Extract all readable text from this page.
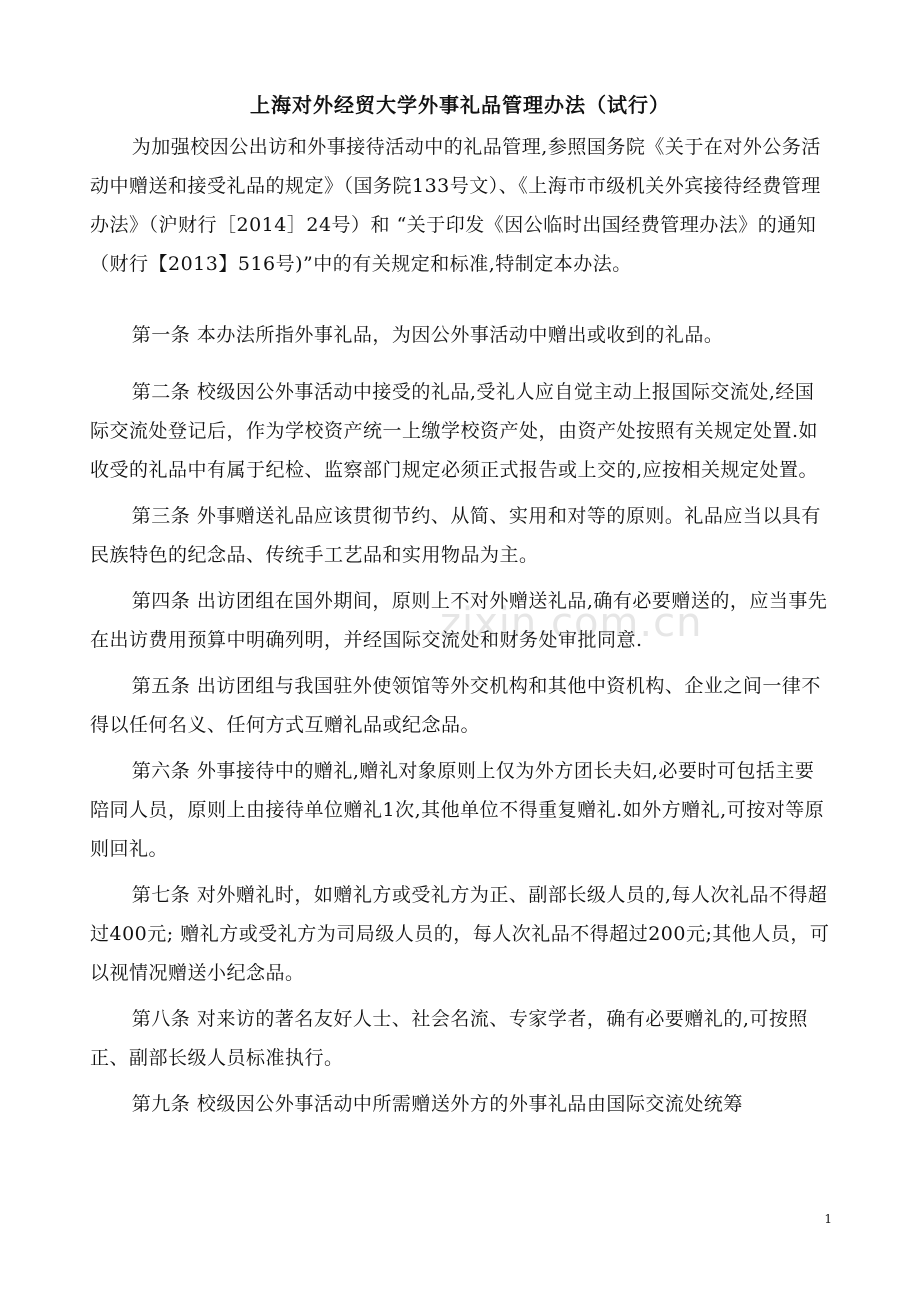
zixin.com.cn
上海对外经贸大学外事礼品管理办法（试行）

为加强校因公出访和外事接待活动中的礼品管理,参照国务院《关于在对外公务活动中赠送和接受礼品的规定》（国务院133号文）、《上海市市级机关外宾接待经费管理办法》（沪财行［2014］24号）和 “关于印发《因公临时出国经费管理办法》的通知（财行【2013】516号)”中的有关规定和标准,特制定本办法。

第一条 本办法所指外事礼品，为因公外事活动中赠出或收到的礼品。

第二条 校级因公外事活动中接受的礼品,受礼人应自觉主动上报国际交流处,经国际交流处登记后，作为学校资产统一上缴学校资产处，由资产处按照有关规定处置.如收受的礼品中有属于纪检、监察部门规定必须正式报告或上交的,应按相关规定处置。

第三条 外事赠送礼品应该贯彻节约、从简、实用和对等的原则。礼品应当以具有民族特色的纪念品、传统手工艺品和实用物品为主。

第四条 出访团组在国外期间，原则上不对外赠送礼品,确有必要赠送的，应当事先在出访费用预算中明确列明，并经国际交流处和财务处审批同意.

第五条 出访团组与我国驻外使领馆等外交机构和其他中资机构、企业之间一律不得以任何名义、任何方式互赠礼品或纪念品。

第六条 外事接待中的赠礼,赠礼对象原则上仅为外方团长夫妇,必要时可包括主要陪同人员，原则上由接待单位赠礼1次,其他单位不得重复赠礼.如外方赠礼,可按对等原则回礼。

第七条 对外赠礼时，如赠礼方或受礼方为正、副部长级人员的,每人次礼品不得超过400元; 赠礼方或受礼方为司局级人员的，每人次礼品不得超过200元;其他人员，可以视情况赠送小纪念品。

第八条 对来访的著名友好人士、社会名流、专家学者，确有必要赠礼的,可按照正、副部长级人员标准执行。

第九条 校级因公外事活动中所需赠送外方的外事礼品由国际交流处统筹

1
